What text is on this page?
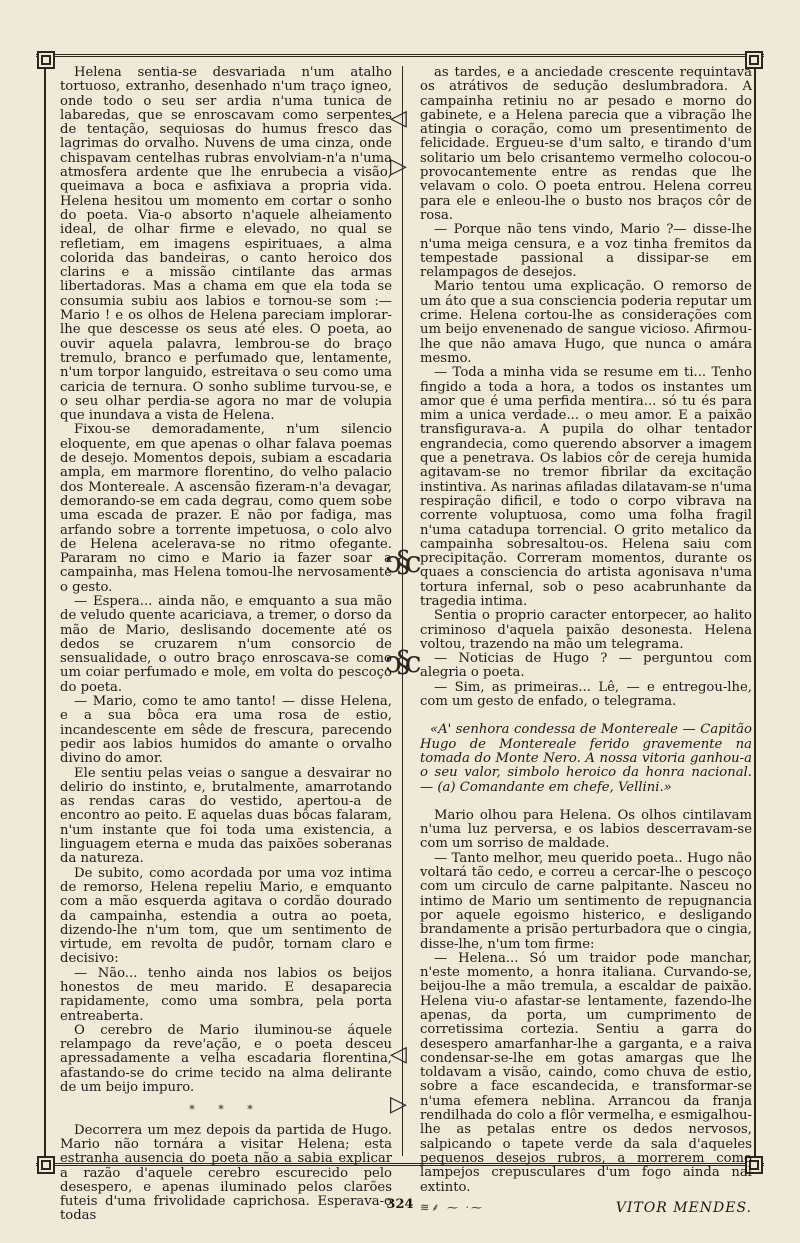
◁
▷
ↄ§c
ↄ§c
◁
▷

Helena sentia-se desvariada n'um atalho tortuoso, extranho, desenhado n'um traço igneo, onde todo o seu ser ardia n'uma tunica de labaredas, que se enroscavam como serpentes de tentação, sequiosas do humus fresco das lagrimas do orvalho. Nuvens de uma cinza, onde chispavam centelhas rubras envolviam-n'a n'uma atmosfera ardente que lhe enrubecia a visão, queimava a boca e asfixiava a propria vida. Helena hesitou um momento em cortar o sonho do poeta. Via-o absorto n'aquele alheiamento ideal, de olhar firme e elevado, no qual se refletiam, em imagens espirituaes, a alma colorida das bandeiras, o canto heroico dos clarins e a missão cintilante das armas libertadoras. Mas a chama em que ela toda se consumia subiu aos labios e tornou-se som :—Mario ! e os olhos de Helena pareciam implorar-lhe que descesse os seus até eles. O poeta, ao ouvir aquela palavra, lembrou-se do braço tremulo, branco e perfumado que, lentamente, n'um torpor languido, estreitava o seu como uma caricia de ternura. O sonho sublime turvou-se, e o seu olhar perdia-se agora no mar de volupia que inundava a vista de Helena.

Fixou-se demoradamente, n'um silencio eloquente, em que apenas o olhar falava poemas de desejo. Momentos depois, subiam a escadaria ampla, em marmore florentino, do velho palacio dos Montereale. A ascensão fizeram-n'a devagar, demorando-se em cada degrau, como quem sobe uma escada de prazer. E não por fadiga, mas arfando sobre a torrente impetuosa, o colo alvo de Helena acelerava-se no ritmo ofegante. Pararam no cimo e Mario ia fazer soar a campainha, mas Helena tomou-lhe nervosamente o gesto.

— Espera... ainda não, e emquanto a sua mão de veludo quente acariciava, a tremer, o dorso da mão de Mario, deslisando docemente até os dedos se cruzarem n'um consorcio de sensualidade, o outro braço enroscava-se como um coiar perfumado e mole, em volta do pescoço do poeta.

— Mario, como te amo tanto! — disse Helena, e a sua bôca era uma rosa de estio, incandescente em sêde de frescura, parecendo pedir aos labios humidos do amante o orvalho divino do amor.

Ele sentiu pelas veias o sangue a desvairar no delirio do instinto, e, brutalmente, amarrotando as rendas caras do vestido, apertou-a de encontro ao peito. E aquelas duas bôcas falaram, n'um instante que foi toda uma existencia, a linguagem eterna e muda das paixões soberanas da natureza.

De subito, como acordada por uma voz intima de remorso, Helena repeliu Mario, e emquanto com a mão esquerda agitava o cordão dourado da campainha, estendia a outra ao poeta, dizendo-lhe n'um tom, que um sentimento de virtude, em revolta de pudôr, tornam claro e decisivo:

— Não... tenho ainda nos labios os beijos honestos de meu marido. E desaparecia rapidamente, como uma sombra, pela porta entreaberta.

O cerebro de Mario iluminou-se áquele relampago da reve'ação, e o poeta desceu apressadamente a velha escadaria florentina, afastando-se do crime tecido na alma delirante de um beijo impuro.

* * *

Decorrera um mez depois da partida de Hugo. Mario não tornára a visitar Helena; esta estranha ausencia do poeta não a sabia explicar a razão d'aquele cerebro escurecido pelo desespero, e apenas iluminado pelos clarões futeis d'uma frivolidade caprichosa. Esperava-o todas

as tardes, e a anciedade crescente requintava os atrátivos de sedução deslumbradora. A campainha retiniu no ar pesado e morno do gabinete, e a Helena parecia que a vibração lhe atingia o coração, como um presentimento de felicidade. Ergueu-se d'um salto, e tirando d'um solitario um belo crisantemo vermelho colocou-o provocantemente entre as rendas que lhe velavam o colo. O poeta entrou. Helena correu para ele e enleou-lhe o busto nos braços côr de rosa.

— Porque não tens vindo, Mario ?— disse-lhe n'uma meiga censura, e a voz tinha fremitos da tempestade passional a dissipar-se em relampagos de desejos.

Mario tentou uma explicação. O remorso de um áto que a sua consciencia poderia reputar um crime. Helena cortou-lhe as considerações com um beijo envenenado de sangue vicioso. Afirmou-lhe que não amava Hugo, que nunca o amára mesmo.

— Toda a minha vida se resume em ti... Tenho fingido a toda a hora, a todos os instantes um amor que é uma perfida mentira... só tu és para mim a unica verdade... o meu amor. E a paixão transfigurava-a. A pupila do olhar tentador engrandecia, como querendo absorver a imagem que a penetrava. Os labios côr de cereja humida agitavam-se no tremor fibrilar da excitação instintiva. As narinas afiladas dilatavam-se n'uma respiração dificil, e todo o corpo vibrava na corrente voluptuosa, como uma folha fragil n'uma catadupa torrencial. O grito metalico da campainha sobresaltou-os. Helena saiu com precipitação. Correram momentos, durante os quaes a consciencia do artista agonisava n'uma tortura infernal, sob o peso acabrunhante da tragedia intima.

Sentia o proprio caracter entorpecer, ao halito criminoso d'aquela paixão desonesta. Helena voltou, trazendo na mão um telegrama.

— Noticias de Hugo ? — perguntou com alegria o poeta.

— Sim, as primeiras... Lê, — e entregou-lhe, com um gesto de enfado, o telegrama.

«A' senhora condessa de Montereale — Capitão Hugo de Montereale ferido gravemente na tomada do Monte Nero. A nossa vitoria ganhou-a o seu valor, simbolo heroico da honra nacional. — (a) Comandante em chefe, Vellini.»

Mario olhou para Helena. Os olhos cintilavam n'uma luz perversa, e os labios descerravam-se com um sorriso de maldade.

— Tanto melhor, meu querido poeta.. Hugo não voltará tão cedo, e correu a cercar-lhe o pescoço com um circulo de carne palpitante. Nasceu no intimo de Mario um sentimento de repugnancia por aquele egoismo histerico, e desligando brandamente a prisão perturbadora que o cingia, disse-lhe, n'um tom firme:

— Helena... Só um traidor pode manchar, n'este momento, a honra italiana. Curvando-se, beijou-lhe a mão tremula, a escaldar de paixão. Helena viu-o afastar-se lentamente, fazendo-lhe apenas, da porta, um cumprimento de corretissima cortezia. Sentiu a garra do desespero amarfanhar-lhe a garganta, e a raiva condensar-se-lhe em gotas amargas que lhe toldavam a visão, caindo, como chuva de estio, sobre a face escandecida, e transformar-se n'uma efemera neblina. Arrancou da franja rendilhada do colo a flôr vermelha, e esmigalhou-lhe as petalas entre os dedos nervosos, salpicando o tapete verde da sala d'aqueles pequenos desejos rubros, a morrerem como lampejos crepusculares d'um fogo ainda nal extinto.

≋⸙ ⁓ ·⁓	VITOR MENDES.
324
